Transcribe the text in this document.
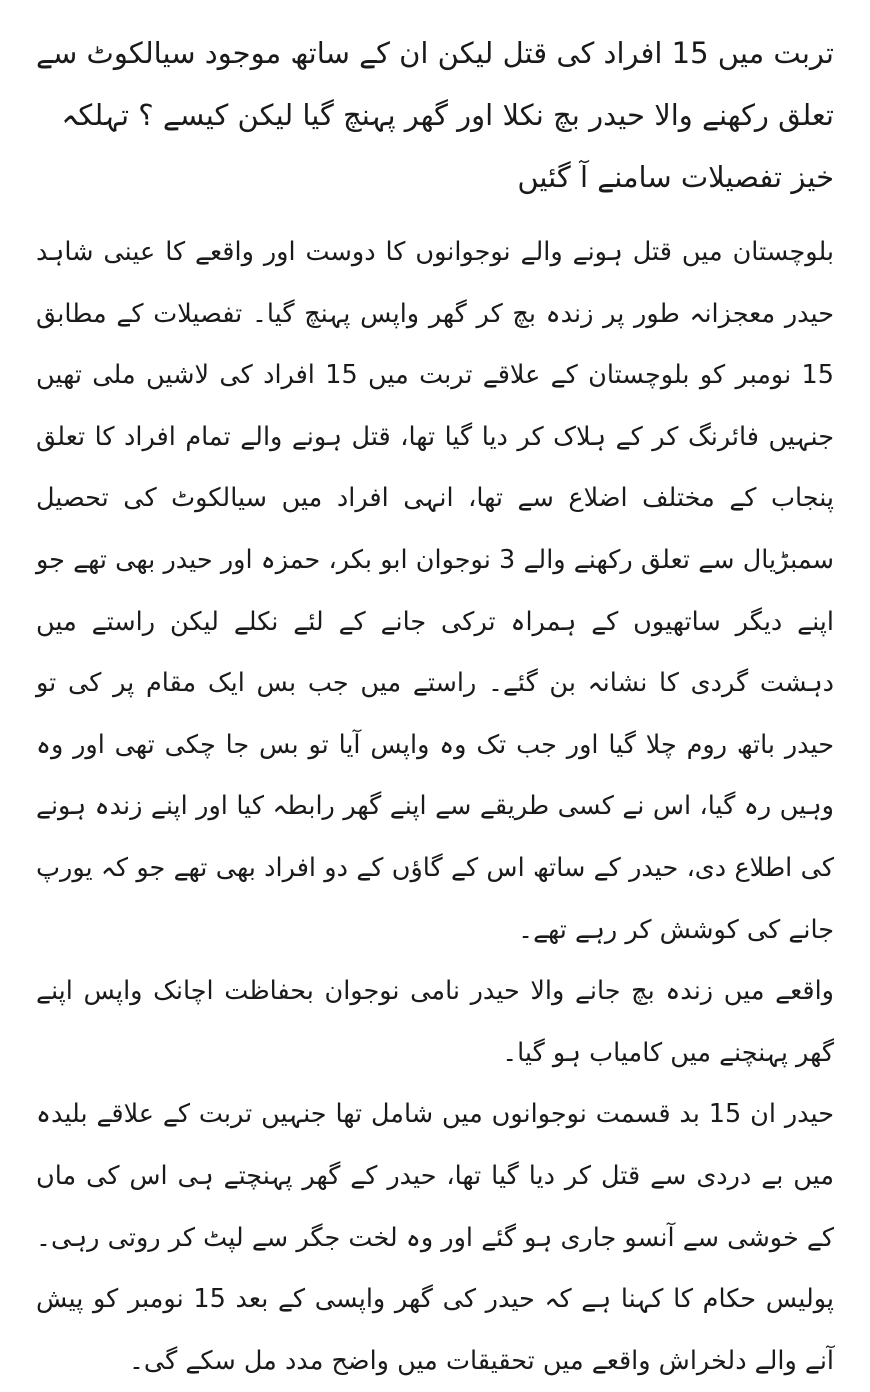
تربت میں 15 افراد کی قتل لیکن ان کے ساتھ موجود سیالکوٹ سے تعلق رکھنے والا حیدر بچ نکلا اور گھر پہنچ گیا لیکن کیسے ؟ تہلکہ خیز تفصیلات سامنے آ گئیں

بلوچستان میں قتل ہونے والے نوجوانوں کا دوست اور واقعے کا عینی شاہد حیدر معجزانہ طور پر زندہ بچ کر گھر واپس پہنچ گیا۔ تفصیلات کے مطابق 15 نومبر کو بلوچستان کے علاقے تربت میں 15 افراد کی لاشیں ملی تھیں جنہیں فائرنگ کر کے ہلاک کر دیا گیا تھا، قتل ہونے والے تمام افراد کا تعلق پنجاب کے مختلف اضلاع سے تھا، انہی افراد میں سیالکوٹ کی تحصیل سمبڑیال سے تعلق رکھنے والے 3 نوجوان ابو بکر، حمزہ اور حیدر بھی تھے جو اپنے دیگر ساتھیوں کے ہمراہ ترکی جانے کے لئے نکلے لیکن راستے میں دہشت گردی کا نشانہ بن گئے۔ راستے میں جب بس ایک مقام پر کی تو حیدر باتھ روم چلا گیا اور جب تک وہ واپس آیا تو بس جا چکی تھی اور وہ وہیں رہ گیا، اس نے کسی طریقے سے اپنے گھر رابطہ کیا اور اپنے زندہ ہونے کی اطلاع دی، حیدر کے ساتھ اس کے گاؤں کے دو افراد بھی تھے جو کہ یورپ جانے کی کوشش کر رہے تھے۔

واقعے میں زندہ بچ جانے والا حیدر نامی نوجوان بحفاظت اچانک واپس اپنے گھر پہنچنے میں کامیاب ہو گیا۔

حیدر ان 15 بد قسمت نوجوانوں میں شامل تھا جنہیں تربت کے علاقے بلیدہ میں بے دردی سے قتل کر دیا گیا تھا، حیدر کے گھر پہنچتے ہی اس کی ماں کے خوشی سے آنسو جاری ہو گئے اور وہ لخت جگر سے لپٹ کر روتی رہی۔ پولیس حکام کا کہنا ہے کہ حیدر کی گھر واپسی کے بعد 15 نومبر کو پیش آنے والے دلخراش واقعے میں تحقیقات میں واضح مدد مل سکے گی۔
